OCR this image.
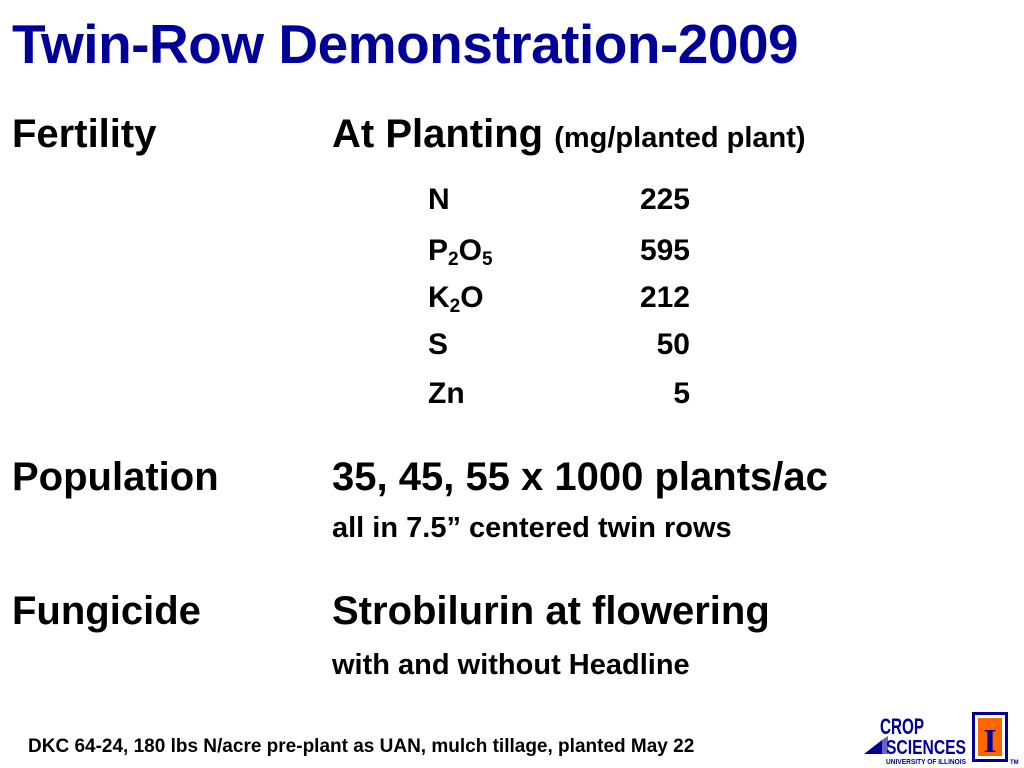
Twin-Row Demonstration-2009
Fertility	At Planting (mg/planted plant)
N	225
$P_2O_5$	595
$K_2O$	212
S	50
Zn	5
Population	35, 45, 55 x 1000 plants/ac
all in 7.5” centered twin rows
Fungicide	Strobilurin at flowering
with and without Headline
DKC 64-24, 180 lbs N/acre pre-plant as UAN, mulch tillage, planted May 22
CROP
SCIENCES
UNIVERSITY OF ILLINOIS
I
TM
